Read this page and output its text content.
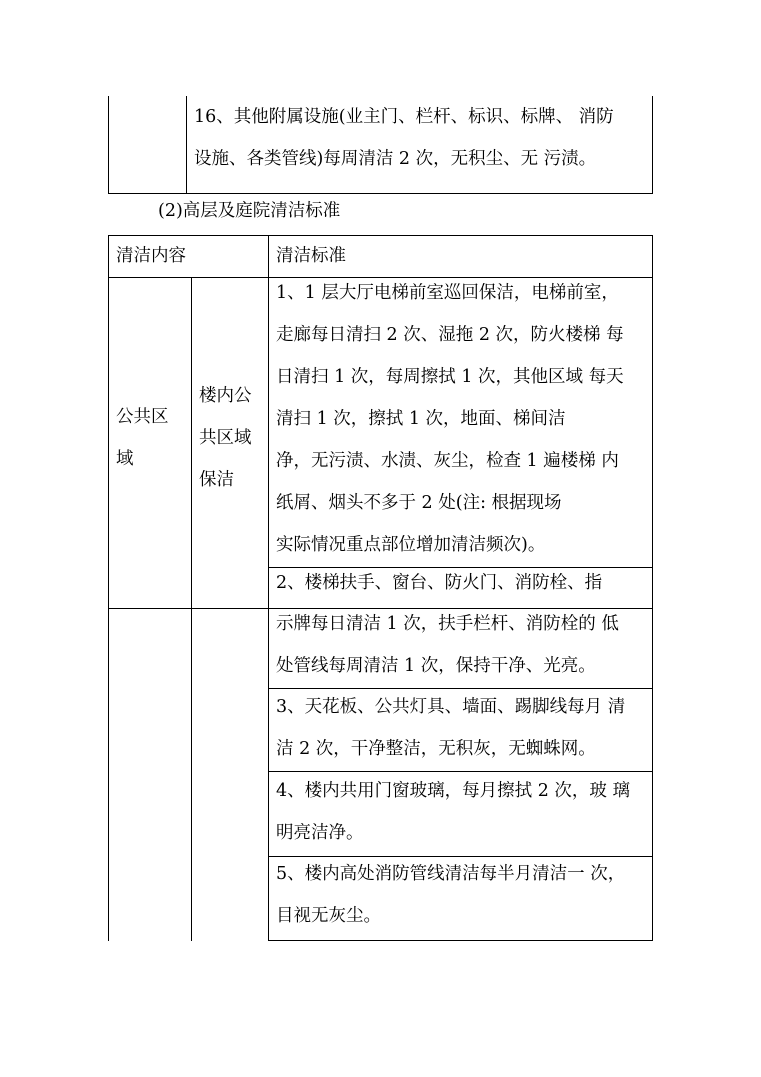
16、其他附属设施(业主门、栏杆、标识、标牌、 消防
设施、各类管线)每周清洁 2 次，无积尘、无 污渍。
(2)高层及庭院清洁标准
清洁内容	清洁标准
公共区
域
楼内公
共区域
保洁
1、1 层大厅电梯前室巡回保洁，电梯前室，
走廊每日清扫 2 次、湿拖 2 次，防火楼梯 每
日清扫 1 次，每周擦拭 1 次，其他区域 每天
清扫 1 次，擦拭 1 次，地面、梯间洁
净，无污渍、水渍、灰尘，检查 1 遍楼梯 内
纸屑、烟头不多于 2 处(注: 根据现场
实际情况重点部位增加清洁频次)。
2、楼梯扶手、窗台、防火门、消防栓、指
示牌每日清洁 1 次，扶手栏杆、消防栓的 低
处管线每周清洁 1 次，保持干净、光亮。
3、天花板、公共灯具、墙面、踢脚线每月 清
洁 2 次，干净整洁，无积灰，无蜘蛛网。
4、楼内共用门窗玻璃，每月擦拭 2 次，玻 璃
明亮洁净。
5、楼内高处消防管线清洁每半月清洁一 次，
目视无灰尘。
